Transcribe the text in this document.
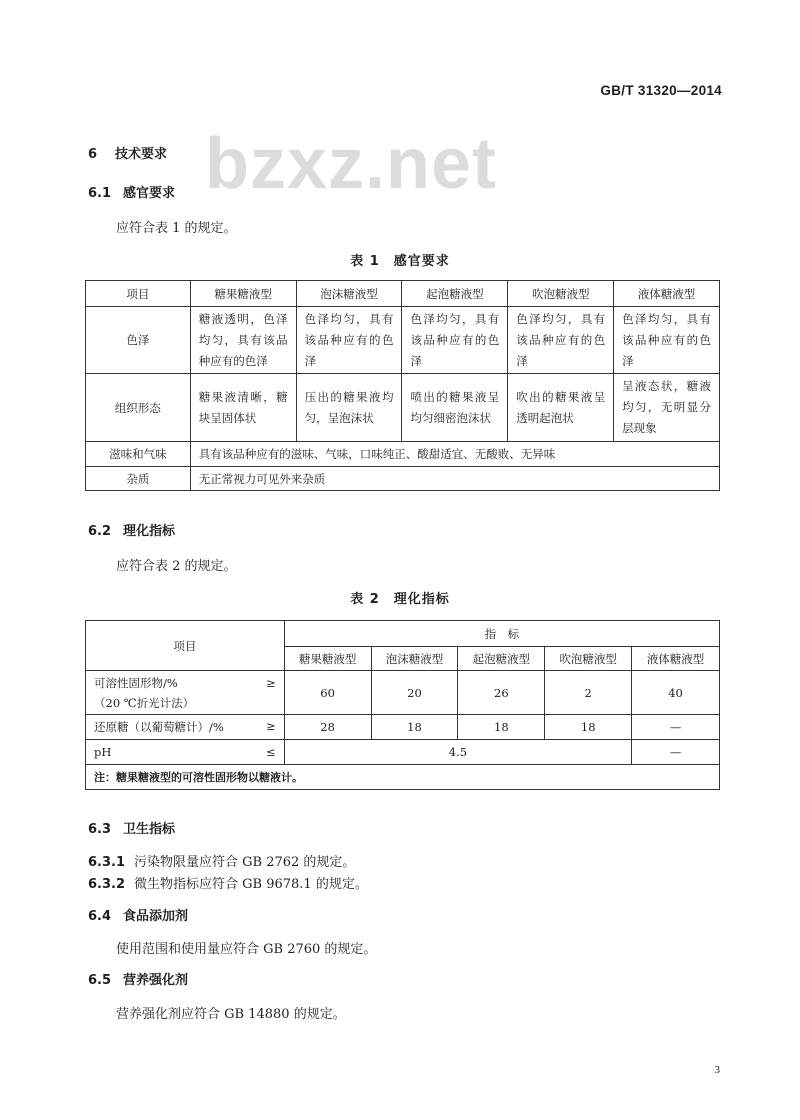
GB/T 31320—2014
bzxz.net
6 技术要求
6.1 感官要求
应符合表 1 的规定。
表 1　感官要求
项目	糖果糖液型	泡沫糖液型	起泡糖液型	吹泡糖液型	液体糖液型
色泽	糖液透明，色泽均匀，具有该品种应有的色泽	色泽均匀，具有该品种应有的色泽	色泽均匀，具有该品种应有的色泽	色泽均匀，具有该品种应有的色泽	色泽均匀，具有该品种应有的色泽

组织形态	糖果液清晰，糖块呈固体状	压出的糖果液均匀，呈泡沫状	喷出的糖果液呈均匀细密泡沫状	吹出的糖果液呈透明起泡状	呈液态状，糖液均匀，无明显分层现象

滋味和气味	具有该品种应有的滋味、气味，口味纯正、酸甜适宜、无酸败、无异味				
杂质	无正常视力可见外来杂质				
6.2 理化指标
应符合表 2 的规定。
表 2　理化指标
项目	指　标				
	糖果糖液型	泡沫糖液型	起泡糖液型	吹泡糖液型	液体糖液型

可溶性固形物/% ≥
（20 ℃折光计法）	60	20	26	2	40

还原糖（以葡萄糖计）/% ≥	28	18	18	18	—

pH ≤	4.5				—
注：糖果糖液型的可溶性固形物以糖液计。					
6.3 卫生指标
6.3.1 污染物限量应符合 GB 2762 的规定。
6.3.2 微生物指标应符合 GB 9678.1 的规定。
6.4 食品添加剂
使用范围和使用量应符合 GB 2760 的规定。
6.5 营养强化剂
营养强化剂应符合 GB 14880 的规定。
3
